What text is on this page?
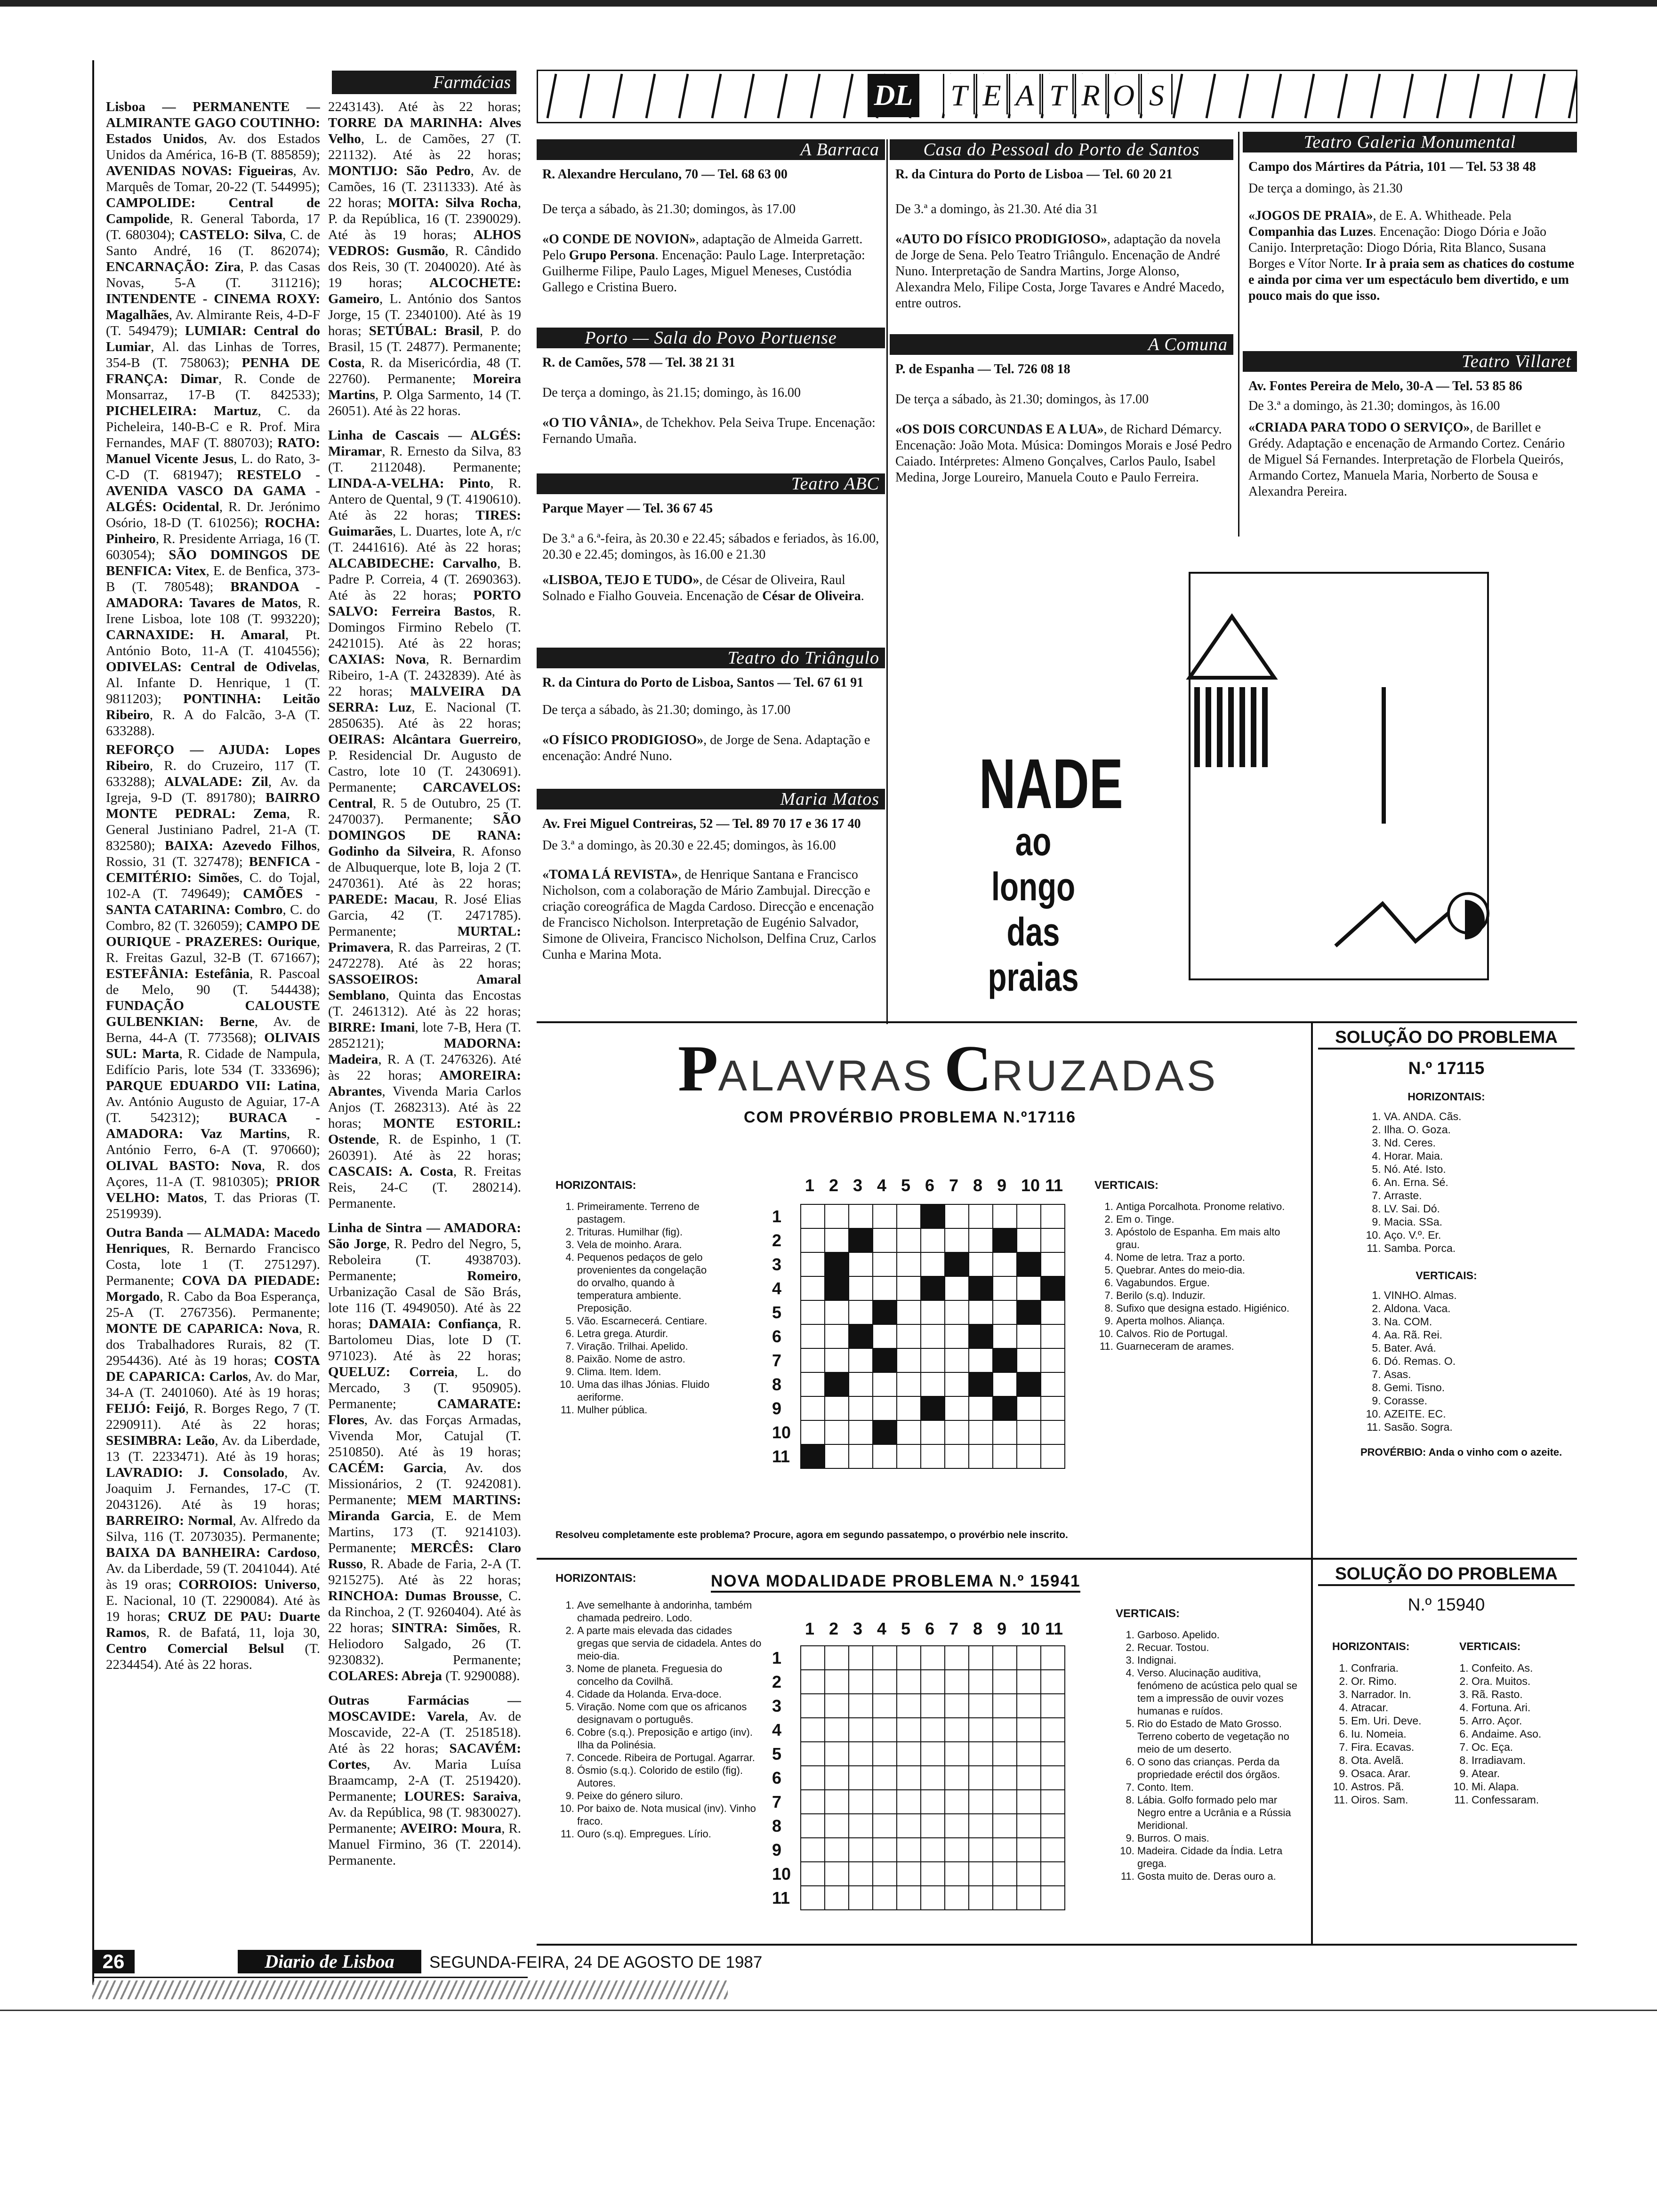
Farmácias

Lisboa — PERMANENTE — ALMIRANTE GAGO COUTINHO: Estados Unidos, Av. dos Estados Unidos da América, 16-B (T. 885859); AVENIDAS NOVAS: Figueiras, Av. Marquês de Tomar, 20-22 (T. 544995); CAMPOLIDE: Central de Campolide, R. General Taborda, 17 (T. 680304); CASTELO: Silva, C. de Santo André, 16 (T. 862074); ENCARNAÇÃO: Zira, P. das Casas Novas, 5-A (T. 311216); INTENDENTE - CINEMA ROXY: Magalhães, Av. Almirante Reis, 4-D-F (T. 549479); LUMIAR: Central do Lumiar, Al. das Linhas de Torres, 354-B (T. 758063); PENHA DE FRANÇA: Dimar, R. Conde de Monsarraz, 17-B (T. 842533); PICHELEIRA: Martuz, C. da Picheleira, 140-B-C e R. Prof. Mira Fernandes, MAF (T. 880703); RATO: Manuel Vicente Jesus, L. do Rato, 3-C-D (T. 681947); RESTELO - AVENIDA VASCO DA GAMA - ALGÉS: Ocidental, R. Dr. Jerónimo Osório, 18-D (T. 610256); ROCHA: Pinheiro, R. Presidente Arriaga, 16 (T. 603054); SÃO DOMINGOS DE BENFICA: Vitex, E. de Benfica, 373-B (T. 780548); BRANDOA - AMADORA: Tavares de Matos, R. Irene Lisboa, lote 108 (T. 993220); CARNAXIDE: H. Amaral, Pt. António Boto, 11-A (T. 4104556); ODIVELAS: Central de Odivelas, Al. Infante D. Henrique, 1 (T. 9811203); PONTINHA: Leitão Ribeiro, R. A do Falcão, 3-A (T. 633288).

REFORÇO — AJUDA: Lopes Ribeiro, R. do Cruzeiro, 117 (T. 633288); ALVALADE: Zil, Av. da Igreja, 9-D (T. 891780); BAIRRO MONTE PEDRAL: Zema, R. General Justiniano Padrel, 21-A (T. 832580); BAIXA: Azevedo Filhos, Rossio, 31 (T. 327478); BENFICA - CEMITÉRIO: Simões, C. do Tojal, 102-A (T. 749649); CAMÕES - SANTA CATARINA: Combro, C. do Combro, 82 (T. 326059); CAMPO DE OURIQUE - PRAZERES: Ourique, R. Freitas Gazul, 32-B (T. 671667); ESTEFÂNIA: Estefânia, R. Pascoal de Melo, 90 (T. 544438); FUNDAÇÃO CALOUSTE GULBENKIAN: Berne, Av. de Berna, 44-A (T. 773568); OLIVAIS SUL: Marta, R. Cidade de Nampula, Edifício Paris, lote 534 (T. 333696); PARQUE EDUARDO VII: Latina, Av. António Augusto de Aguiar, 17-A (T. 542312); BURACA - AMADORA: Vaz Martins, R. António Ferro, 6-A (T. 970660); OLIVAL BASTO: Nova, R. dos Açores, 11-A (T. 9810305); PRIOR VELHO: Matos, T. das Prioras (T. 2519939).

Outra Banda — ALMADA: Macedo Henriques, R. Bernardo Francisco Costa, lote 1 (T. 2751297). Permanente; COVA DA PIEDADE: Morgado, R. Cabo da Boa Esperança, 25-A (T. 2767356). Permanente; MONTE DE CAPARICA: Nova, R. dos Trabalhadores Rurais, 82 (T. 2954436). Até às 19 horas; COSTA DE CAPARICA: Carlos, Av. do Mar, 34-A (T. 2401060). Até às 19 horas; FEIJÓ: Feijó, R. Borges Rego, 7 (T. 2290911). Até às 22 horas; SESIMBRA: Leão, Av. da Liberdade, 13 (T. 2233471). Até às 19 horas; LAVRADIO: J. Consolado, Av. Joaquim J. Fernandes, 17-C (T. 2043126). Até às 19 horas; BARREIRO: Normal, Av. Alfredo da Silva, 116 (T. 2073035). Permanente; BAIXA DA BANHEIRA: Cardoso, Av. da Liberdade, 59 (T. 2041044). Até às 19 oras; CORROIOS: Universo, E. Nacional, 10 (T. 2290084). Até às 19 horas; CRUZ DE PAU: Duarte Ramos, R. de Bafatá, 11, loja 30, Centro Comercial Belsul (T. 2234454). Até às 22 horas.

2243143). Até às 22 horas; TORRE DA MARINHA: Alves Velho, L. de Camões, 27 (T. 221132). Até às 22 horas; MONTIJO: São Pedro, Av. de Camões, 16 (T. 2311333). Até às 22 horas; MOITA: Silva Rocha, P. da República, 16 (T. 2390029). Até às 19 horas; ALHOS VEDROS: Gusmão, R. Cândido dos Reis, 30 (T. 2040020). Até às 19 horas; ALCOCHETE: Gameiro, L. António dos Santos Jorge, 15 (T. 2340100). Até às 19 horas; SETÚBAL: Brasil, P. do Brasil, 15 (T. 24877). Permanente; Costa, R. da Misericórdia, 48 (T. 22760). Permanente; Moreira Martins, P. Olga Sarmento, 14 (T. 26051). Até às 22 horas.

Linha de Cascais — ALGÉS: Miramar, R. Ernesto da Silva, 83 (T. 2112048). Permanente; LINDA-A-VELHA: Pinto, R. Antero de Quental, 9 (T. 4190610). Até às 22 horas; TIRES: Guimarães, L. Duartes, lote A, r/c (T. 2441616). Até às 22 horas; ALCABIDECHE: Carvalho, B. Padre P. Correia, 4 (T. 2690363). Até às 22 horas; PORTO SALVO: Ferreira Bastos, R. Domingos Firmino Rebelo (T. 2421015). Até às 22 horas; CAXIAS: Nova, R. Bernardim Ribeiro, 1-A (T. 2432839). Até às 22 horas; MALVEIRA DA SERRA: Luz, E. Nacional (T. 2850635). Até às 22 horas; OEIRAS: Alcântara Guerreiro, P. Residencial Dr. Augusto de Castro, lote 10 (T. 2430691). Permanente; CARCAVELOS: Central, R. 5 de Outubro, 25 (T. 2470037). Permanente; SÃO DOMINGOS DE RANA: Godinho da Silveira, R. Afonso de Albuquerque, lote B, loja 2 (T. 2470361). Até às 22 horas; PAREDE: Macau, R. José Elias Garcia, 42 (T. 2471785). Permanente; MURTAL: Primavera, R. das Parreiras, 2 (T. 2472278). Até às 22 horas; SASSOEIROS: Amaral Semblano, Quinta das Encostas (T. 2461312). Até às 22 horas; BIRRE: Imani, lote 7-B, Hera (T. 2852121); MADORNA: Madeira, R. A (T. 2476326). Até às 22 horas; AMOREIRA: Abrantes, Vivenda Maria Carlos Anjos (T. 2682313). Até às 22 horas; MONTE ESTORIL: Ostende, R. de Espinho, 1 (T. 260391). Até às 22 horas; CASCAIS: A. Costa, R. Freitas Reis, 24-C (T. 280214). Permanente.

Linha de Sintra — AMADORA: São Jorge, R. Pedro del Negro, 5, Reboleira (T. 4938703). Permanente; Romeiro, Urbanização Casal de São Brás, lote 116 (T. 4949050). Até às 22 horas; DAMAIA: Confiança, R. Bartolomeu Dias, lote D (T. 971023). Até às 22 horas; QUELUZ: Correia, L. do Mercado, 3 (T. 950905). Permanente; CAMARATE: Flores, Av. das Forças Armadas, Vivenda Mor, Catujal (T. 2510850). Até às 19 horas; CACÉM: Garcia, Av. dos Missionários, 2 (T. 9242081). Permanente; MEM MARTINS: Miranda Garcia, E. de Mem Martins, 173 (T. 9214103). Permanente; MERCÊS: Claro Russo, R. Abade de Faria, 2-A (T. 9215275). Até às 22 horas; RINCHOA: Dumas Brousse, C. da Rinchoa, 2 (T. 9260404). Até às 22 horas; SINTRA: Simões, R. Heliodoro Salgado, 26 (T. 9230832). Permanente; COLARES: Abreja (T. 9290088).

Outras Farmácias — MOSCAVIDE: Varela, Av. de Moscavide, 22-A (T. 2518518). Até às 22 horas; SACAVÉM: Cortes, Av. Maria Luísa Braamcamp, 2-A (T. 2519420). Permanente; LOURES: Saraiva, Av. da República, 98 (T. 9830027). Permanente; AVEIRO: Moura, R. Manuel Firmino, 36 (T. 22014). Permanente.

DL T E A T R O S
A Barraca
R. Alexandre Herculano, 70 — Tel. 68 63 00
De terça a sábado, às 21.30; domingos, às 17.00
«O CONDE DE NOVION», adaptação de Almeida Garrett. Pelo Grupo Persona. Encenação: Paulo Lage. Interpretação: Guilherme Filipe, Paulo Lages, Miguel Meneses, Custódia Gallego e Cristina Buero.
Porto — Sala do Povo Portuense
R. de Camões, 578 — Tel. 38 21 31
De terça a domingo, às 21.15; domingo, às 16.00
«O TIO VÂNIA», de Tchekhov. Pela Seiva Trupe. Encenação: Fernando Umaña.
Teatro ABC
Parque Mayer — Tel. 36 67 45
De 3.ª a 6.ª-feira, às 20.30 e 22.45; sábados e feriados, às 16.00, 20.30 e 22.45; domingos, às 16.00 e 21.30
«LISBOA, TEJO E TUDO», de César de Oliveira, Raul Solnado e Fialho Gouveia. Encenação de César de Oliveira.
Teatro do Triângulo
R. da Cintura do Porto de Lisboa, Santos — Tel. 67 61 91
De terça a sábado, às 21.30; domingo, às 17.00
«O FÍSICO PRODIGIOSO», de Jorge de Sena. Adaptação e encenação: André Nuno.
Maria Matos
Av. Frei Miguel Contreiras, 52 — Tel. 89 70 17 e 36 17 40
De 3.ª a domingo, às 20.30 e 22.45; domingos, às 16.00
«TOMA LÁ REVISTA», de Henrique Santana e Francisco Nicholson, com a colaboração de Mário Zambujal. Direcção e criação coreográfica de Magda Cardoso. Direcção e encenação de Francisco Nicholson. Interpretação de Eugénio Salvador, Simone de Oliveira, Francisco Nicholson, Delfina Cruz, Carlos Cunha e Marina Mota.
Casa do Pessoal do Porto de Santos
R. da Cintura do Porto de Lisboa — Tel. 60 20 21
De 3.ª a domingo, às 21.30. Até dia 31
«AUTO DO FÍSICO PRODIGIOSO», adaptação da novela de Jorge de Sena. Pelo Teatro Triângulo. Encenação de André Nuno. Interpretação de Sandra Martins, Jorge Alonso, Alexandra Melo, Filipe Costa, Jorge Tavares e André Macedo, entre outros.
A Comuna
P. de Espanha — Tel. 726 08 18
De terça a sábado, às 21.30; domingos, às 17.00
«OS DOIS CORCUNDAS E A LUA», de Richard Démarcy. Encenação: João Mota. Música: Domingos Morais e José Pedro Caiado. Intérpretes: Almeno Gonçalves, Carlos Paulo, Isabel Medina, Jorge Loureiro, Manuela Couto e Paulo Ferreira.
Teatro Galeria Monumental
Campo dos Mártires da Pátria, 101 — Tel. 53 38 48
De terça a domingo, às 21.30
«JOGOS DE PRAIA», de E. A. Whitheade. Pela Companhia das Luzes. Encenação: Diogo Dória e João Canijo. Interpretação: Diogo Dória, Rita Blanco, Susana Borges e Vítor Norte. Ir à praia sem as chatices do costume e ainda por cima ver um espectáculo bem divertido, e um pouco mais do que isso.
Teatro Villaret
Av. Fontes Pereira de Melo, 30-A — Tel. 53 85 86
De 3.ª a domingo, às 21.30; domingos, às 16.00
«CRIADA PARA TODO O SERVIÇO», de Barillet e Grédy. Adaptação e encenação de Armando Cortez. Cenário de Miguel Sá Fernandes. Interpretação de Florbela Queirós, Armando Cortez, Manuela Maria, Norberto de Sousa e Alexandra Pereira.
NADE
ao longo
das praias
PALAVRAS CRUZADAS
COM PROVÉRBIO PROBLEMA N.º17116
HORIZONTAIS:
1. Primeiramente. Terreno de pastagem.
2. Trituras. Humilhar (fig).
3. Vela de moinho. Arara.
4. Pequenos pedaços de gelo provenientes da congelação do orvalho, quando à temperatura ambiente. Preposição.
5. Vão. Escarnecerá. Centiare.
6. Letra grega. Aturdir.
7. Viração. Trilhai. Apelido.
8. Paixão. Nome de astro.
9. Clima. Item. Idem.
10. Uma das ilhas Jónias. Fluido aeriforme.
11. Mulher pública.
VERTICAIS:
1. Antiga Porcalhota. Pronome relativo.
2. Em o. Tinge.
3. Apóstolo de Espanha. Em mais alto grau.
4. Nome de letra. Traz a porto.
5. Quebrar. Antes do meio-dia.
6. Vagabundos. Ergue.
7. Berilo (s.q). Induzir.
8. Sufixo que designa estado. Higiénico.
9. Aperta molhos. Aliança.
10. Calvos. Rio de Portugal.
11. Guarneceram de arames.
1 2 3 4 5 6 7 8 9 10 11
1
2
3
4
5
6
7
8
9
10
11

Resolveu completamente este problema? Procure, agora em segundo passatempo, o provérbio nele inscrito.
SOLUÇÃO DO PROBLEMA
N.º 17115
HORIZONTAIS:
1. VA. ANDA. Cãs.
2. Ilha. O. Goza.
3. Nd. Ceres.
4. Horar. Maia.
5. Nó. Até. Isto.
6. An. Erna. Sé.
7. Arraste.
8. LV. Sai. Dó.
9. Macia. SSa.
10. Aço. V.º. Er.
11. Samba. Porca.
VERTICAIS:
1. VINHO. Almas.
2. Aldona. Vaca.
3. Na. COM.
4. Aa. Rã. Rei.
5. Bater. Avá.
6. Dó. Remas. O.
7. Asas.
8. Gemi. Tisno.
9. Corasse.
10. AZEITE. EC.
11. Sasão. Sogra.
PROVÉRBIO: Anda o vinho com o azeite.
NOVA MODALIDADE PROBLEMA N.º 15941
HORIZONTAIS:
1. Ave semelhante à andorinha, também chamada pedreiro. Lodo.
2. A parte mais elevada das cidades gregas que servia de cidadela. Antes do meio-dia.
3. Nome de planeta. Freguesia do concelho da Covilhã.
4. Cidade da Holanda. Erva-doce.
5. Viração. Nome com que os africanos designavam o português.
6. Cobre (s.q.). Preposição e artigo (inv). Ilha da Polinésia.
7. Concede. Ribeira de Portugal. Agarrar.
8. Ósmio (s.q.). Colorido de estilo (fig). Autores.
9. Peixe do género siluro.
10. Por baixo de. Nota musical (inv). Vinho fraco.
11. Ouro (s.q). Empregues. Lírio.
VERTICAIS:
1. Garboso. Apelido.
2. Recuar. Tostou.
3. Indignai.
4. Verso. Alucinação auditiva, fenómeno de acústica pelo qual se tem a impressão de ouvir vozes humanas e ruídos.
5. Rio do Estado de Mato Grosso. Terreno coberto de vegetação no meio de um deserto.
6. O sono das crianças. Perda da propriedade eréctil dos órgãos.
7. Conto. Item.
8. Lábia. Golfo formado pelo mar Negro entre a Ucrânia e a Rússia Meridional.
9. Burros. O mais.
10. Madeira. Cidade da Índia. Letra grega.
11. Gosta muito de. Deras ouro a.
1 2 3 4 5 6 7 8 9 10 11
1
2
3
4
5
6
7
8
9
10
11

SOLUÇÃO DO PROBLEMA
N.º 15940
HORIZONTAIS:
1. Confraria.
2. Or. Rimo.
3. Narrador. In.
4. Atracar.
5. Em. Uri. Deve.
6. Iu. Nomeia.
7. Fira. Ecavas.
8. Ota. Avelã.
9. Osaca. Arar.
10. Astros. Pã.
11. Oiros. Sam.
VERTICAIS:
1. Confeito. As.
2. Ora. Muitos.
3. Rã. Rasto.
4. Fortuna. Ari.
5. Arro. Açor.
6. Andaime. Aso.
7. Oc. Eça.
8. Irradiavam.
9. Atear.
10. Mi. Alapa.
11. Confessaram.
26	Diario de Lisboa	SEGUNDA-FEIRA, 24 DE AGOSTO DE 1987
